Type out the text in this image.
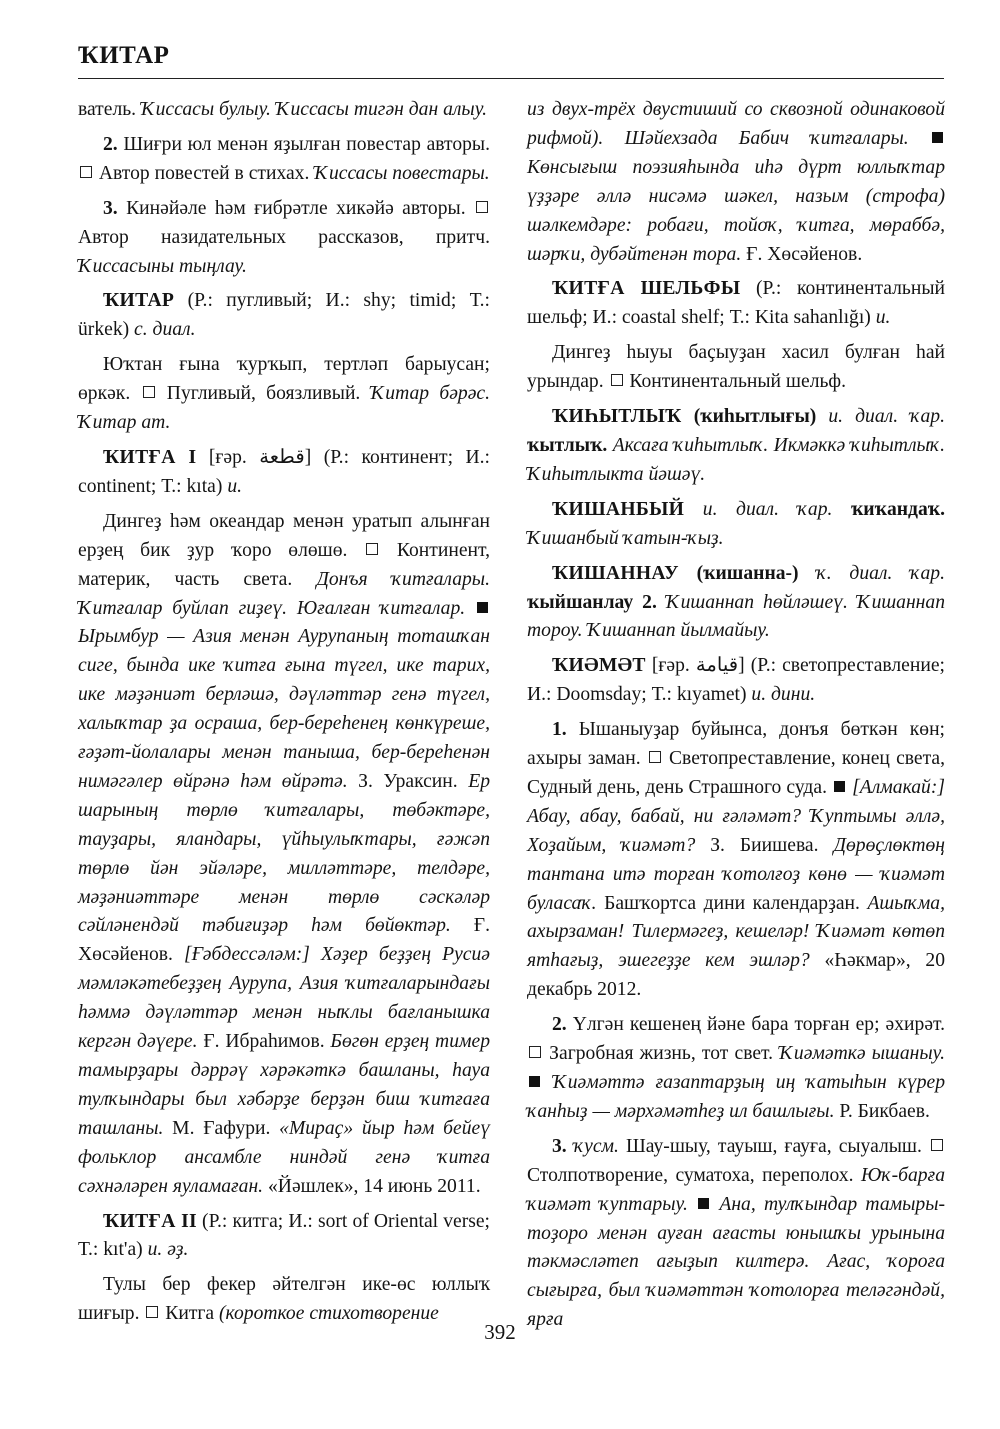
ҠИТАР

ватель. Ҡиссасы булыу. Ҡиссасы тигән дан алыу.

2. Шиғри юл менән яҙылған повестар авторы.  Автор повестей в стихах. Ҡиссасы повестары.

3. Кинәйәле һәм ғибрәтле хикәйә авторы.  Автор назидательных рассказов, притч. Ҡиссасыны тыңлау.

ҠИТАР (Р.: пугливый; И.: shy; timid; Т.: ürkek) с. диал.

Юҡтан ғына ҡурҡып, тертләп барыусан; өркәк.  Пугливый, боязливый. Ҡитар бәрәс. Ҡитар ат.

ҠИТҒА I [ғәр. قطعة] (Р.: континент; И.: continent; Т.: kıta) и.

Дингеҙ һәм океандар менән уратып алынған ерҙең бик ҙур ҡоро өлөшө.  Континент, материк, часть света. Донъя ҡитғалары. Ҡитғалар буйлап гиҙеү. Юғалған ҡитғалар.  Ырымбур — Азия менән Аурупаның тоташҡан сиге, бында ике ҡитға ғына түгел, ике тарих, ике мәҙәниәт берләшә, дәүләттәр генә түгел, халыҡтар ҙа осраша, бер-береһенең көнкүреше, ғәҙәт-йолалары менән таныша, бер-береһенән нимәгәлер өйрәнә һәм өйрәтә. З. Ураксин. Ер шарының төрлө ҡитғалары, төбәктәре, тауҙары, яландары, үйһыулыҡтары, ғәжәп төрлө йән эйәләре, милләттәре, телдәре, мәҙәниәттәре менән төрлө сәскәләр сәйләнендәй тәбиғиҙәр һәм бөйөктәр. Ғ. Хөсәйенов. [Ғәбдессәләм:] Хәҙер беҙҙең Русиә мәмләкәтебеҙҙең Аурупа, Азия ҡитғаларындағы һәммә дәүләттәр менән ныҡлы бағланышка кергән дәүере. Ғ. Ибраһимов. Бөгөн ерҙең тимер тамырҙары дәррәү хәрәкәткә башланы, һауа тулҡындары был хәбәрҙе берҙән биш ҡитғаға ташланы. М. Ғафури. «Мираҫ» йыр һәм бейеү фольклор ансамбле ниндәй генә ҡитға сәхнәләрен яуламаған. «Йәшлек», 14 июнь 2011.

ҠИТҒА II (Р.: китга; И.: sort of Oriental verse; Т.: kıt'a) и. әҙ.

Тулы бер фекер әйтелгән ике-өс юллыҡ шиғыр.  Китга (короткое стихотворение

из двух-трёх двустиший со сквозной одинаковой рифмой). Шәйехзада Бабич ҡитғалары.  Көнсығыш поэзияһында иһә дүрт юллыҡтар үҙҙәре әллә нисәмә шәкел, назым (строфа) шәлкемдәре: робағи, тойоҡ, ҡитға, мөраббә, шәрҡи, дубәйтенән тора. Ғ. Хөсәйенов.

ҠИТҒА ШЕЛЬФЫ (Р.: континентальный шельф; И.: coastal shelf; Т.: Kita sahanlığı) и.

Дингеҙ һыуы баҫыуҙан хасил булған һай урындар.  Континентальный шельф.

ҠИҺЫТЛЫҠ (ҡиһытлығы) и. диал. ҡар. ҡытлыҡ. Аксаға ҡиһытлыҡ. Икмәккә ҡиһытлыҡ. Ҡиһытлыкта йәшәү.

ҠИШАНБЫЙ и. диал. ҡар. ҡиҡандаҡ. Ҡишанбый ҡатын-ҡыҙ.

ҠИШАННАУ (ҡишанна-) ҡ. диал. ҡар. ҡыйшанлау 2. Ҡишаннап һөйләшеү. Ҡишаннап тороу. Ҡишаннап йылмайыу.

ҠИӘМӘТ [ғәр. قيامة] (Р.: светопреставление; И.: Doomsday; Т.: kıyamet) и. дини.

1. Ышаныуҙар буйынса, донъя бөткән көн; ахыры заман.  Светопреставление, конец света, Судный день, день Страшного суда.  [Алмакай:] Абау, абау, бабай, ни ғәләмәт? Ҡуптымы әллә, Хоҙайым, ҡиәмәт? З. Биишева. Дөрөҫлөктөң тантана итә торған ҡотолғоҙ көнө — ҡиәмәт буласаҡ. Башҡортса дини календарҙан. Ашыҡма, ахырзаман! Тилермәгеҙ, кешеләр! Ҡиәмәт көтөп ятһағыҙ, эшегеҙҙе кем эшләр? «Һәкмар», 20 декабрь 2012.

2. Үлгән кешенең йәне бара торған ер; әхирәт.  Загробная жизнь, тот свет. Ҡиәмәткә ышаныу.  Ҡиәмәттә ғазаптарҙың иң ҡатыһын күрер ҡанһыҙ — мәрхәмәтһеҙ ил башлығы. Р. Бикбаев.

3. ҡусм. Шау-шыу, тауыш, ғауға, сыуалыш.  Столпотворение, суматоха, переполох. Юҡ-барға ҡиәмәт ҡуптарыу.  Ана, тулҡындар тамыры-тоҙоро менән ауған ағасты юнышҡы урынына тәкмәсләтеп ағыҙып килтерә. Ағас, ҡороға сығырға, был ҡиәмәттән ҡотолорға теләгәндәй, ярға

392
